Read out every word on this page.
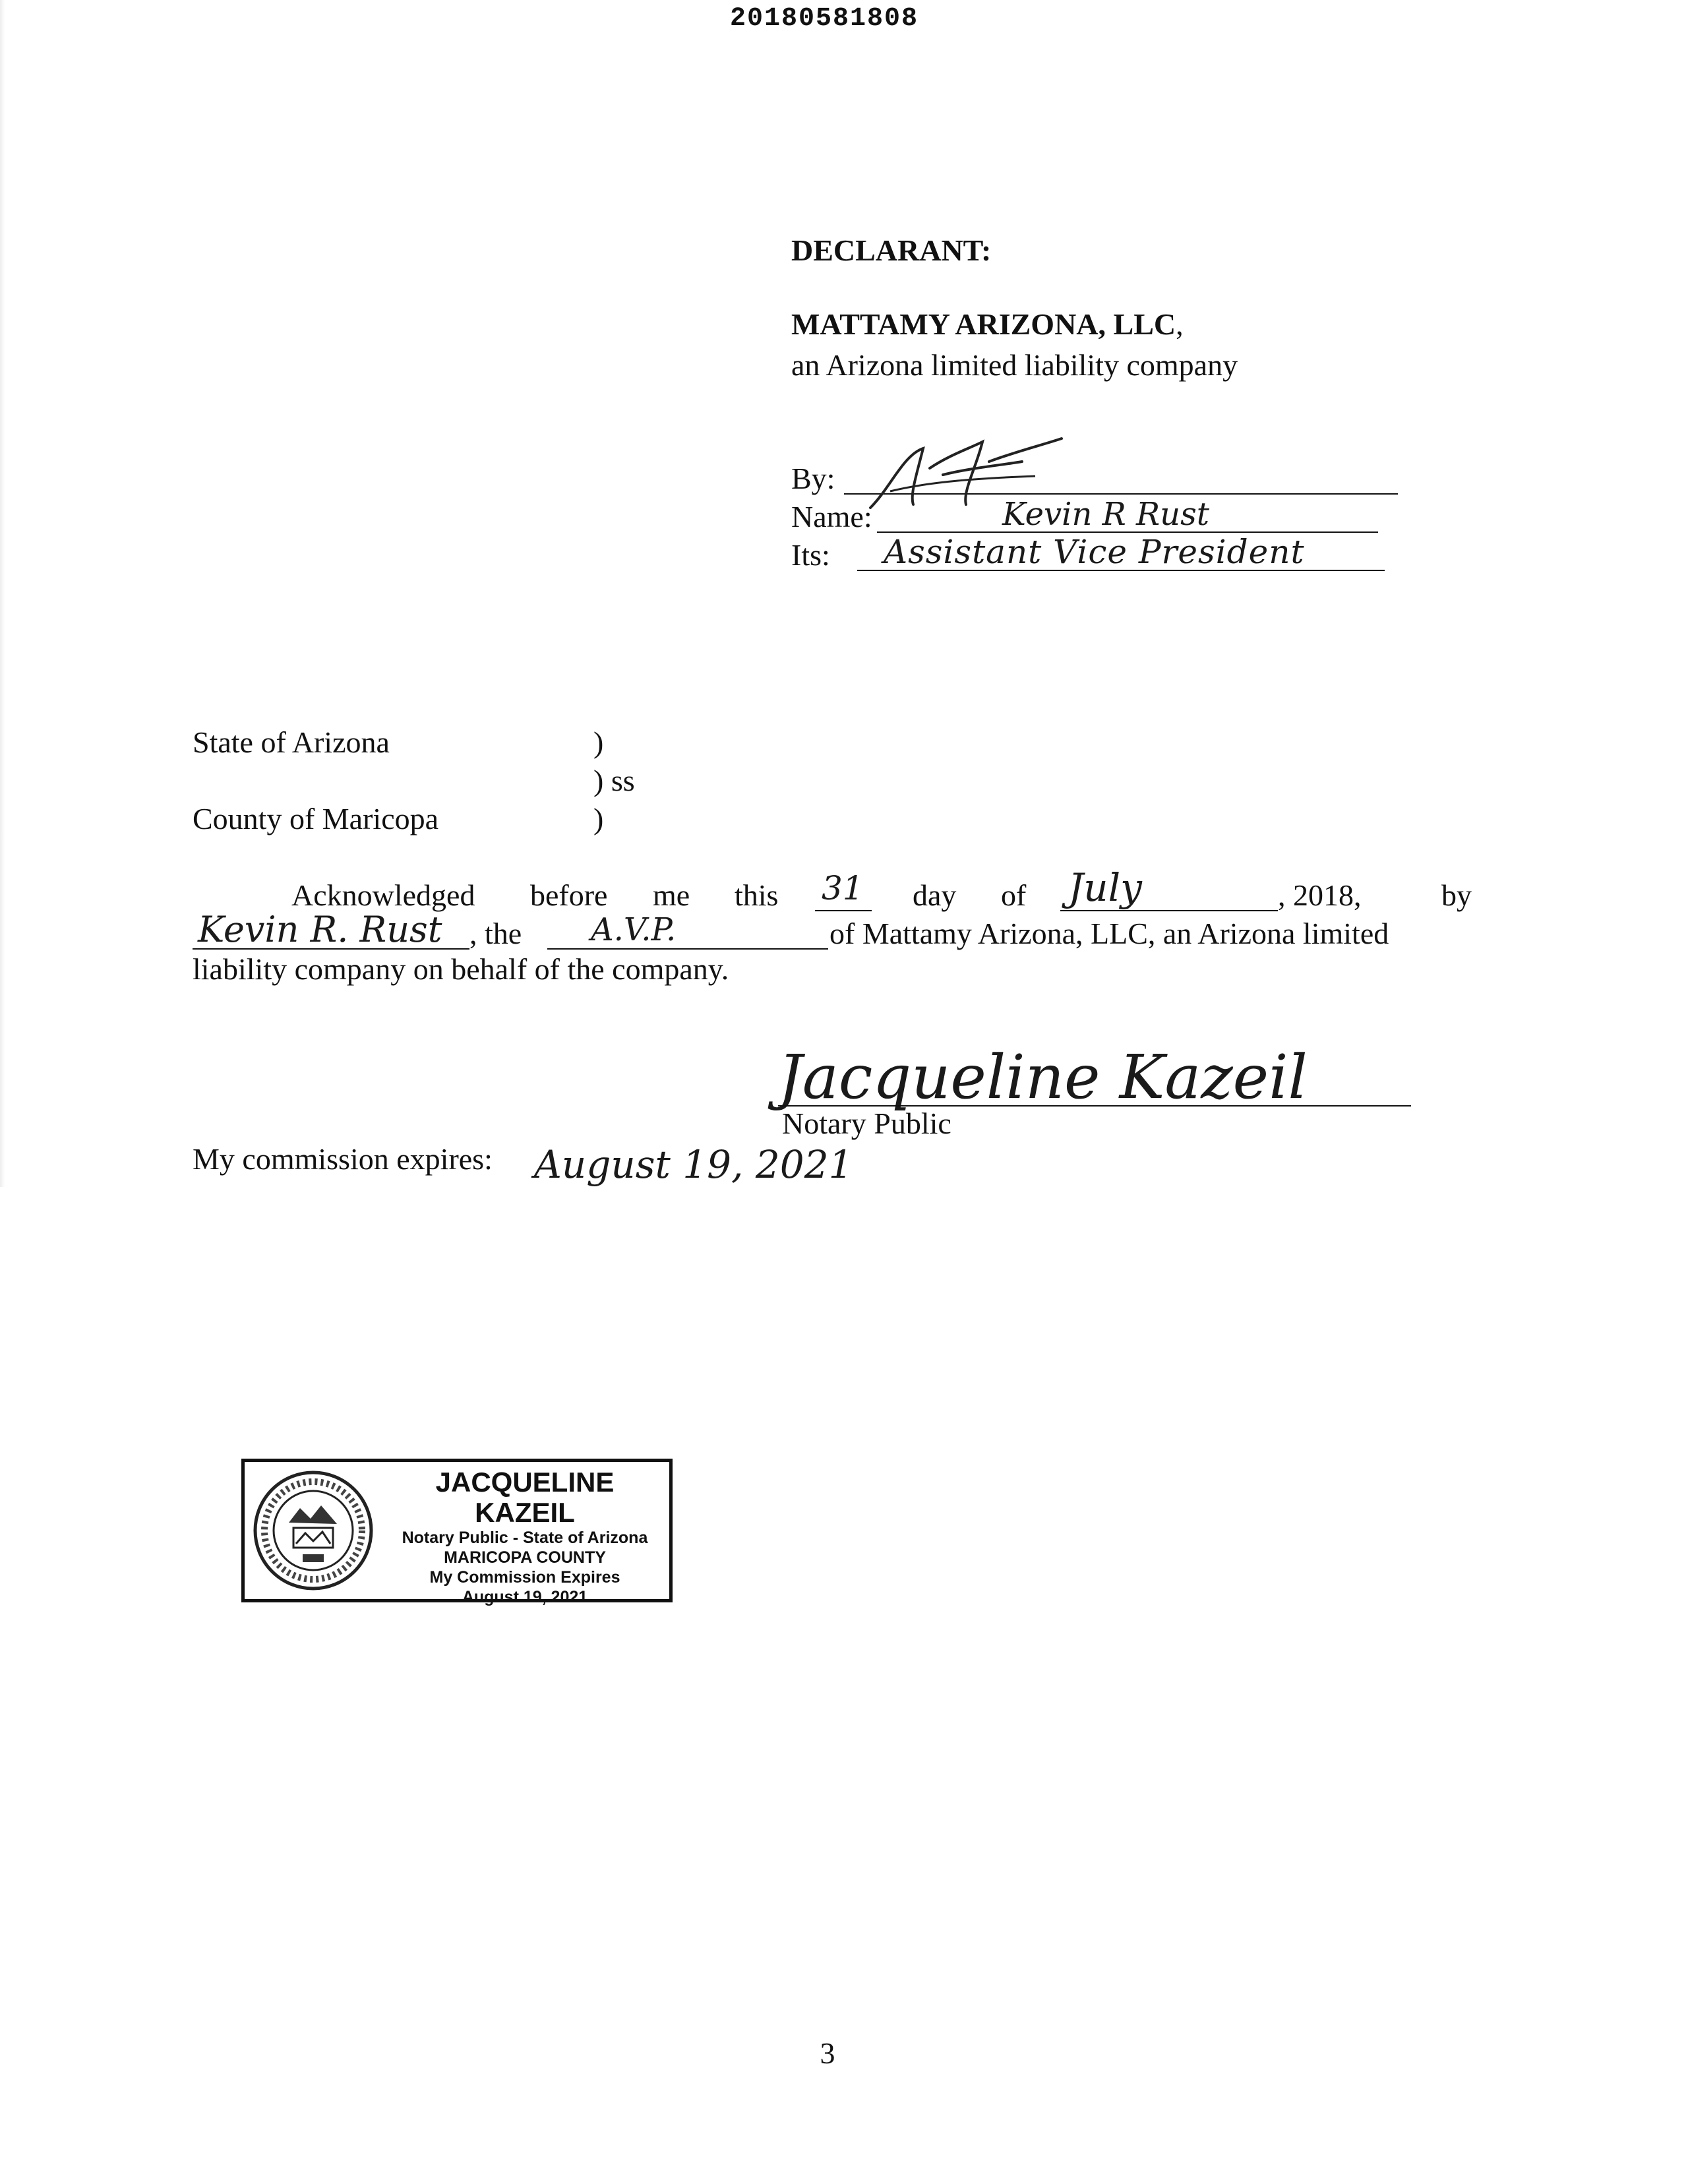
20180581808
DECLARANT:
MATTAMY ARIZONA, LLC,
an Arizona limited liability company
By:
Name:	Kevin R Rust
Its: Assistant Vice President
State of Arizona	)
) ss
County of Maricopa	)
Acknowledged before me this 31 day of July	, 2018,	by
Kevin R. Rust , the A.V.P.	of Mattamy Arizona, LLC, an Arizona limited
liability company on behalf of the company.
Jacqueline Kazeil
Notary Public
My commission expires: August 19, 2021
JACQUELINE KAZEIL
Notary Public - State of Arizona
MARICOPA COUNTY
My Commission Expires
August 19, 2021
3
